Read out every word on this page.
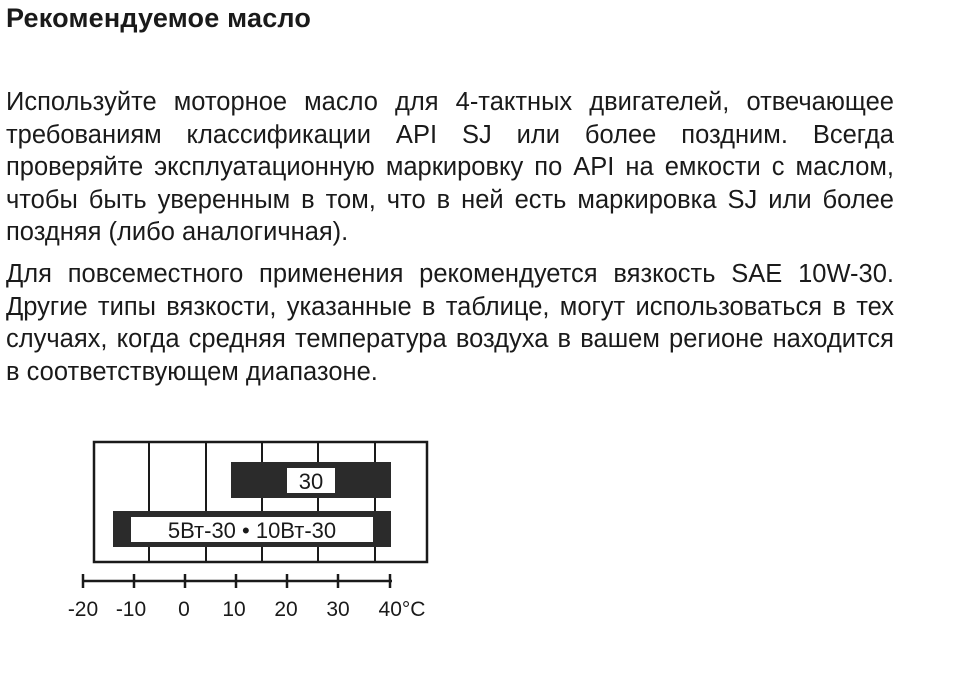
Рекомендуемое масло

Используйте моторное масло для 4-тактных двигателей, отвечающее требованиям классификации API SJ или более поздним. Всегда проверяйте эксплуатационную маркировку по API на емкости с маслом, чтобы быть уверенным в том, что в ней есть маркировка SJ или более поздняя (либо аналогичная).

Для повсеместного применения рекомендуется вязкость SAE 10W-30. Другие типы вязкости, указанные в таблице, могут использоваться в тех случаях, когда средняя температура воздуха в вашем регионе находится в соответствующем диапазоне.

30
5Вт-30 • 10Вт-30
-20 -10 0 10 20 30 40°C
